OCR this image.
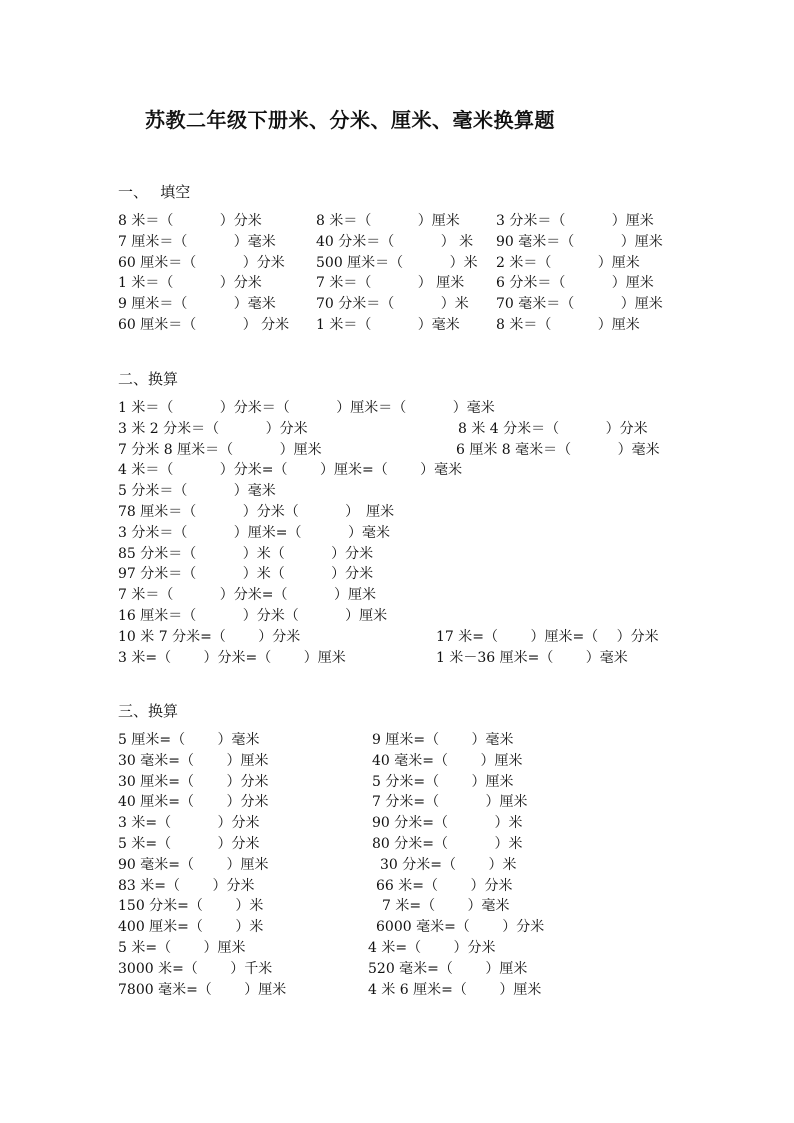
苏教二年级下册米、分米、厘米、毫米换算题
一、　 填空
8 米＝（　　　 ）分米	8 米＝（　　　 ）厘米	3 分米＝（　　　 ）厘米
7 厘米＝（　　　 ）毫米	40 分米＝（　　　 ） 米 90 毫米＝（　　　 ）厘米
60 厘米＝（　　　 ）分米 500 厘米＝（　　　 ）米 2 米＝（　　　 ）厘米
1 米＝（　　　 ）分米	7 米＝（　　　 ） 厘米 6 分米＝（　　　 ）厘米
9 厘米＝（　　　 ）毫米	70 分米＝（　　　 ）米 70 毫米＝（　　　 ）厘米
60 厘米＝（　　　 ） 分米 1 米＝（　　　 ）毫米	8 米＝（　　　 ）厘米
二、换算
1 米＝（　　　 ）分米＝（　　　 ）厘米＝（　　　 ）毫米
3 米 2 分米＝（　　　 ）分米	8 米 4 分米＝（　　　 ）分米
7 分米 8 厘米＝（　　　 ）厘米	6 厘米 8 毫米＝（　　　 ）毫米
4 米＝（　　　 ）分米=（　　 ）厘米=（　　 ）毫米
5 分米＝（　　　 ）毫米
78 厘米＝（　　　 ）分米（　　　 ）　厘米
3 分米＝（　　　 ）厘米=（　　　 ）毫米
85 分米＝（　　　 ）米（　　　 ）分米
97 分米＝（　　　 ）米（　　　 ）分米
7 米＝（　　　 ）分米=（　　　 ）厘米
16 厘米＝（　　　 ）分米（　　　 ）厘米
10 米 7 分米=（　　 ）分米	17 米=（　　 ）厘米=（　 ）分米
3 米=（　　 ）分米=（　　 ）厘米	1 米－36 厘米=（　　 ）毫米
三、换算
5 厘米=（　　 ）毫米	9 厘米=（　　 ）毫米
30 毫米=（　　 ）厘米	40 毫米=（　　 ）厘米
30 厘米=（　　 ）分米	5 分米=（　　 ）厘米
40 厘米=（　　 ）分米	7 分米=（　　　 ）厘米
3 米=（　　　 ）分米	90 分米=（　　　 ）米
5 米=（　　　 ）分米	80 分米=（　　　 ）米
90 毫米=（　　 ）厘米	30 分米=（　　 ）米
83 米=（　　 ）分米	66 米=（　　 ）分米
150 分米=（　　 ）米	7 米=（　　 ）毫米
400 厘米=（　　 ）米	6000 毫米=（　　 ）分米
5 米=（　　 ）厘米	4 米=（　　 ）分米
3000 米=（　　 ）千米	520 毫米=（　　 ）厘米
7800 毫米=（　　 ）厘米	4 米 6 厘米=（　　 ）厘米
